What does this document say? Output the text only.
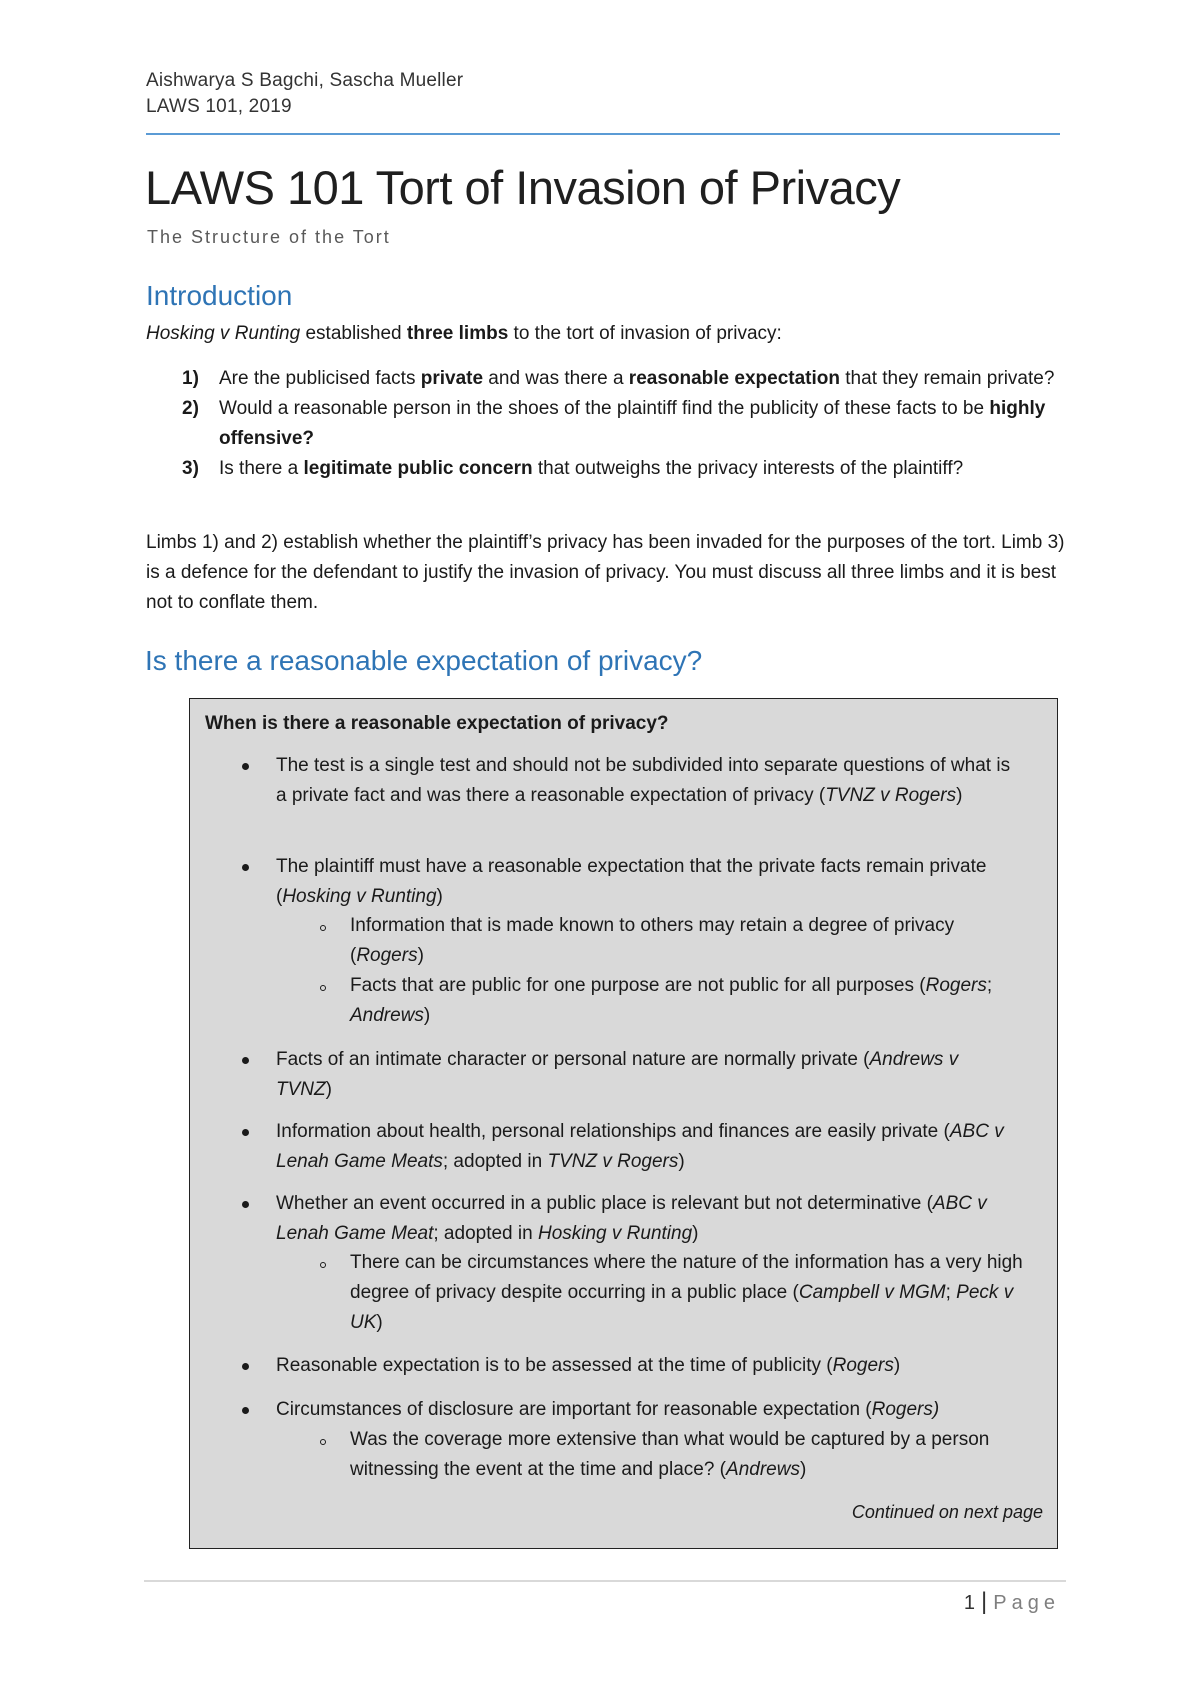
Aishwarya S Bagchi, Sascha Mueller
LAWS 101, 2019
LAWS 101 Tort of Invasion of Privacy
The Structure of the Tort
Introduction
Hosking v Runting established three limbs to the tort of invasion of privacy:
1) Are the publicised facts private and was there a reasonable expectation that they remain private?
2) Would a reasonable person in the shoes of the plaintiff find the publicity of these facts to be highly offensive?
3) Is there a legitimate public concern that outweighs the privacy interests of the plaintiff?
Limbs 1) and 2) establish whether the plaintiff’s privacy has been invaded for the purposes of the tort. Limb 3) is a defence for the defendant to justify the invasion of privacy. You must discuss all three limbs and it is best not to conflate them.
Is there a reasonable expectation of privacy?
When is there a reasonable expectation of privacy?
The test is a single test and should not be subdivided into separate questions of what is a private fact and was there a reasonable expectation of privacy (TVNZ v Rogers)
The plaintiff must have a reasonable expectation that the private facts remain private (Hosking v Runting)
Information that is made known to others may retain a degree of privacy (Rogers)
Facts that are public for one purpose are not public for all purposes (Rogers; Andrews)
Facts of an intimate character or personal nature are normally private (Andrews v TVNZ)
Information about health, personal relationships and finances are easily private (ABC v Lenah Game Meats; adopted in TVNZ v Rogers)
Whether an event occurred in a public place is relevant but not determinative (ABC v Lenah Game Meat; adopted in Hosking v Runting)
There can be circumstances where the nature of the information has a very high degree of privacy despite occurring in a public place (Campbell v MGM; Peck v UK)
Reasonable expectation is to be assessed at the time of publicity (Rogers)
Circumstances of disclosure are important for reasonable expectation (Rogers)
Was the coverage more extensive than what would be captured by a person witnessing the event at the time and place? (Andrews)
Continued on next page
1 | Page
